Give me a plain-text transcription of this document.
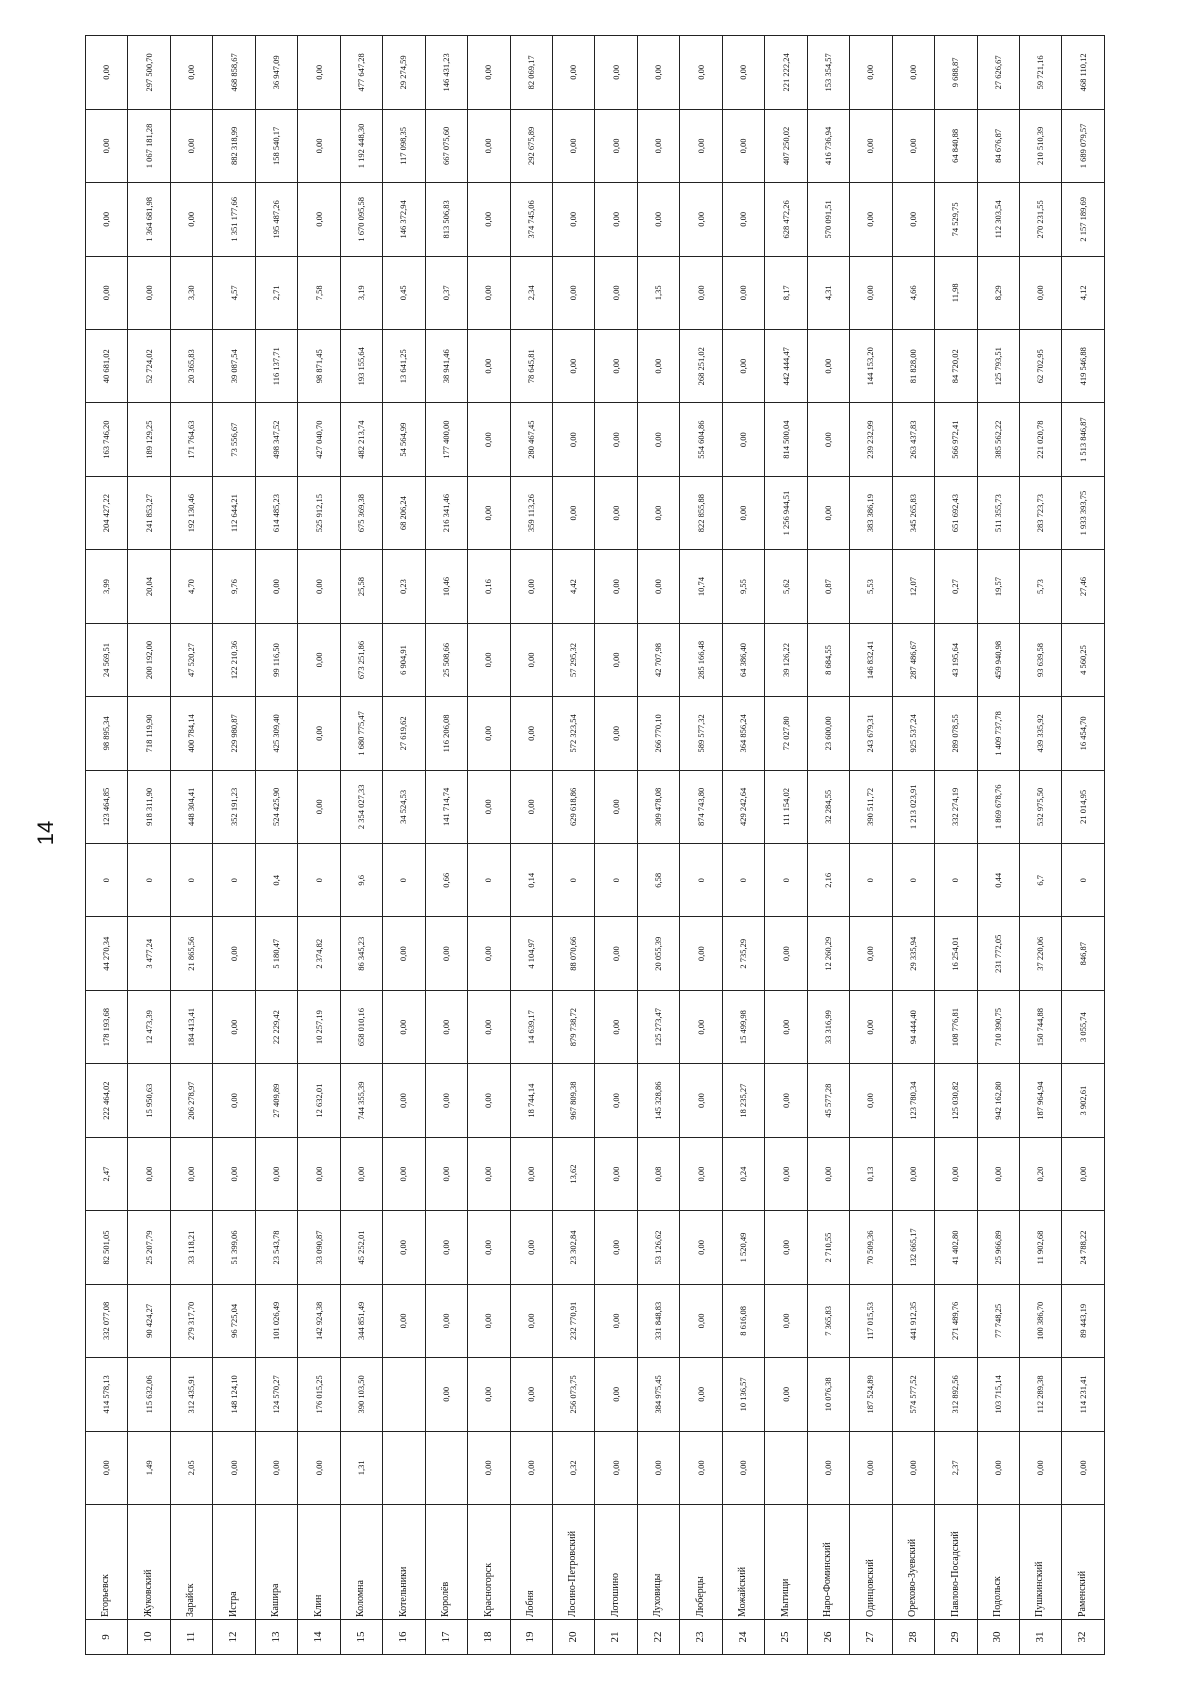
14
9	Егорьевск	0,00	414 578,13	332 077,08	82 501,05	2,47	222 464,02	178 193,68	44 270,34	0	123 464,85	98 895,34	24 569,51	3,99	204 427,22	163 746,20	40 681,02	0,00	0,00	0,00	0,00
10	Жуковский	1,49	115 632,06	90 424,27	25 207,79	0,00	15 950,63	12 473,39	3 477,24	0	918 311,90	718 119,90	200 192,00	20,04	241 853,27	189 129,25	52 724,02	0,00	1 364 681,98	1 067 181,28	297 500,70
11	Зарайск	2,05	312 435,91	279 317,70	33 118,21	0,00	206 278,97	184 413,41	21 865,56	0	448 304,41	400 784,14	47 520,27	4,70	192 130,46	171 764,63	20 365,83	3,30	0,00	0,00	0,00
12	Истра	0,00	148 124,10	96 725,04	51 399,06	0,00	0,00	0,00	0,00	0	352 191,23	229 980,87	122 210,36	9,76	112 644,21	73 556,67	39 087,54	4,57	1 351 177,66	882 318,99	468 858,67
13	Кашира	0,00	124 570,27	101 026,49	23 543,78	0,00	27 409,89	22 229,42	5 180,47	0,4	524 425,90	425 309,40	99 116,50	0,00	614 485,23	498 347,52	116 137,71	2,71	195 487,26	158 540,17	36 947,09
14	Клин	0,00	176 015,25	142 924,38	33 090,87	0,00	12 632,01	10 257,19	2 374,82	0	0,00	0,00	0,00	0,00	525 912,15	427 040,70	98 871,45	7,58	0,00	0,00	0,00
15	Коломна	1,31	390 103,50	344 851,49	45 252,01	0,00	744 355,39	658 010,16	86 345,23	9,6	2 354 027,33	1 680 775,47	673 251,86	25,58	675 369,38	482 213,74	193 155,64	3,19	1 670 095,58	1 192 448,30	477 647,28
16	Котельники			0,00	0,00	0,00	0,00	0,00	0,00	0	34 524,53	27 619,62	6 904,91	0,23	68 206,24	54 564,99	13 641,25	0,45	146 372,94	117 098,35	29 274,59
17	Королёв		0,00	0,00	0,00	0,00	0,00	0,00	0,00	0,66	141 714,74	116 206,08	25 508,66	10,46	216 341,46	177 400,00	38 941,46	0,37	813 506,83	667 075,60	146 431,23
18	Красногорск	0,00	0,00	0,00	0,00	0,00	0,00	0,00	0,00	0	0,00	0,00	0,00	0,16	0,00	0,00	0,00	0,00	0,00	0,00	0,00
19	Лобня	0,00	0,00	0,00	0,00	0,00	18 744,14	14 639,17	4 104,97	0,14	0,00	0,00	0,00	0,00	359 113,26	280 467,45	78 645,81	2,34	374 745,06	292 675,89	82 069,17
20	Лосино-Петровский	0,32	256 073,75	232 770,91	23 302,84	13,62	967 809,38	879 738,72	88 070,66	0	629 618,86	572 323,54	57 295,32	4,42	0,00	0,00	0,00	0,00	0,00	0,00	0,00
21	Лотошино	0,00	0,00	0,00	0,00	0,00	0,00	0,00	0,00	0	0,00	0,00	0,00	0,00	0,00	0,00	0,00	0,00	0,00	0,00	0,00
22	Луховицы	0,00	384 975,45	331 848,83	53 126,62	0,08	145 328,86	125 273,47	20 055,39	6,58	309 478,08	266 770,10	42 707,98	0,00	0,00	0,00	0,00	1,35	0,00	0,00	0,00
23	Люберцы	0,00	0,00	0,00	0,00	0,00	0,00	0,00	0,00	0	874 743,80	589 577,32	285 166,48	10,74	822 855,88	554 604,86	268 251,02	0,00	0,00	0,00	0,00
24	Можайский	0,00	10 136,57	8 616,08	1 520,49	0,24	18 235,27	15 499,98	2 735,29	0	429 242,64	364 856,24	64 386,40	9,55	0,00	0,00	0,00	0,00	0,00	0,00	0,00
25	Мытищи		0,00	0,00	0,00	0,00	0,00	0,00	0,00	0	111 154,02	72 027,80	39 126,22	5,62	1 256 944,51	814 500,04	442 444,47	8,17	628 472,26	407 250,02	221 222,24
26	Наро-Фоминский	0,00	10 076,38	7 365,83	2 710,55	0,00	45 577,28	33 316,99	12 260,29	2,16	32 284,55	23 600,00	8 684,55	0,87	0,00	0,00	0,00	4,31	570 091,51	416 736,94	153 354,57
27	Одинцовский	0,00	187 524,89	117 015,53	70 509,36	0,13	0,00	0,00	0,00	0	390 511,72	243 679,31	146 832,41	5,53	383 386,19	239 232,99	144 153,20	0,00	0,00	0,00	0,00
28	Орехово-Зуевский	0,00	574 577,52	441 912,35	132 665,17	0,00	123 780,34	94 444,40	29 335,94	0	1 213 023,91	925 537,24	287 486,67	12,07	345 265,83	263 437,83	81 828,00	4,66	0,00	0,00	0,00
29	Павлово-Посадский	2,37	312 892,56	271 489,76	41 402,80	0,00	125 030,82	108 776,81	16 254,01	0	332 274,19	289 078,55	43 195,64	0,27	651 692,43	566 972,41	84 720,02	11,98	74 529,75	64 840,88	9 688,87
30	Подольск	0,00	103 715,14	77 748,25	25 966,89	0,00	942 162,80	710 390,75	231 772,05	0,44	1 869 678,76	1 409 737,78	459 940,98	19,57	511 355,73	385 562,22	125 793,51	8,29	112 303,54	84 676,87	27 626,67
31	Пушкинский	0,00	112 289,38	100 386,70	11 902,68	0,20	187 964,94	150 744,88	37 220,06	6,7	532 975,50	439 335,92	93 639,58	5,73	283 723,73	221 020,78	62 702,95	0,00	270 231,55	210 510,39	59 721,16
32	Раменский	0,00	114 231,41	89 443,19	24 788,22	0,00	3 902,61	3 055,74	846,87	0	21 014,95	16 454,70	4 560,25	27,46	1 933 393,75	1 513 846,87	419 546,88	4,12	2 157 189,69	1 689 079,57	468 110,12
